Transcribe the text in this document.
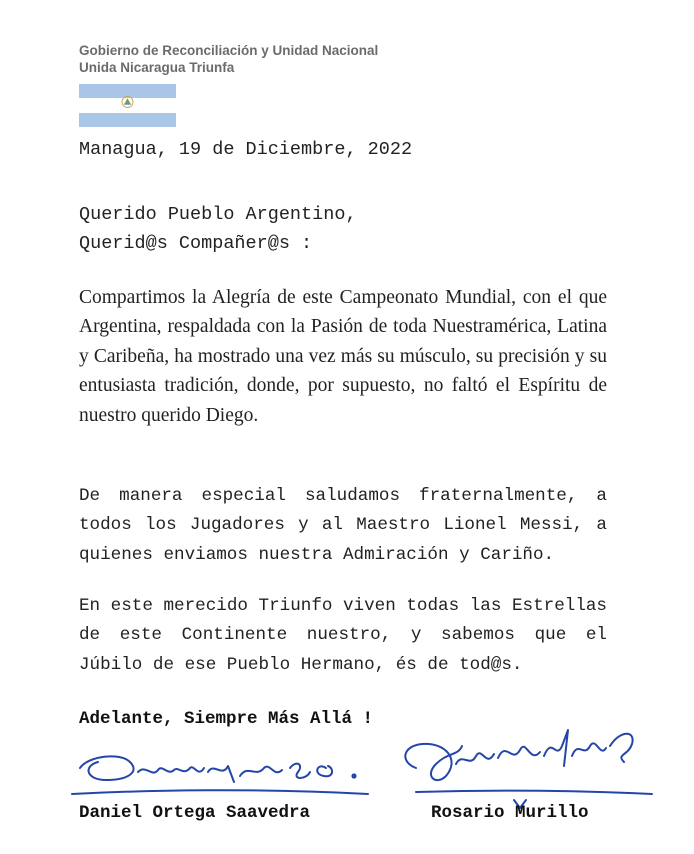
Gobierno de Reconciliación y Unidad Nacional
Unida Nicaragua Triunfa
Managua, 19 de Diciembre, 2022
Querido Pueblo Argentino,
Querid@s Compañer@s :

Compartimos la Alegría de este Campeonato Mundial, con el que Argentina, respaldada con la Pasión de toda Nuestramérica, Latina y Caribeña, ha mostrado una vez más su músculo, su precisión y su entusiasta tradición, donde, por supuesto, no faltó el Espíritu de nuestro querido Diego.

De manera especial saludamos fraternalmente, a todos los Jugadores y al Maestro Lionel Messi, a quienes enviamos nuestra Admiración y Cariño.

En este merecido Triunfo viven todas las Estrellas de este Continente nuestro, y sabemos que el Júbilo de ese Pueblo Hermano, és de tod@s.

Adelante, Siempre Más Allá !
Daniel Ortega Saavedra	Rosario Murillo
